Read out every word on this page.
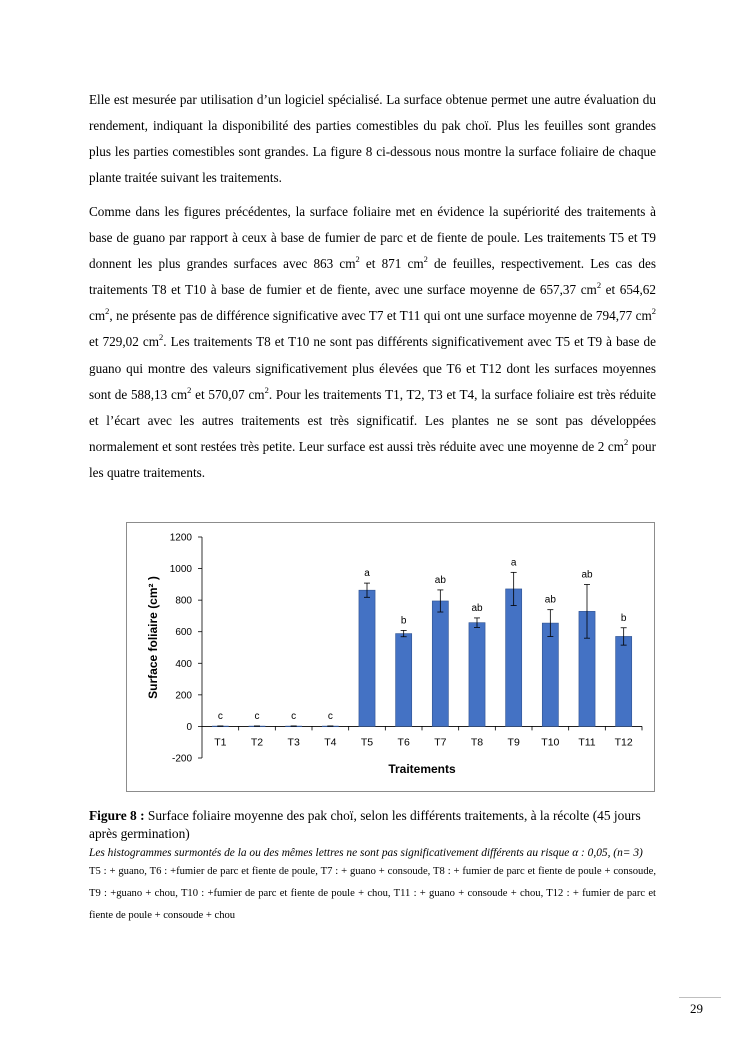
Elle est mesurée par utilisation d’un logiciel spécialisé. La surface obtenue permet une autre évaluation du rendement, indiquant la disponibilité des parties comestibles du pak choï. Plus les feuilles sont grandes plus les parties comestibles sont grandes. La figure 8 ci-dessous nous montre la surface foliaire de chaque plante traitée suivant les traitements.

Comme dans les figures précédentes, la surface foliaire met en évidence la supériorité des traitements à base de guano par rapport à ceux à base de fumier de parc et de fiente de poule. Les traitements T5 et T9 donnent les plus grandes surfaces avec 863 $cm^2$ et 871 $cm^2$ de feuilles, respectivement. Les cas des traitements T8 et T10 à base de fumier et de fiente, avec une surface moyenne de 657,37 $cm^2$ et 654,62 $cm^2$, ne présente pas de différence significative avec T7 et T11 qui ont une surface moyenne de 794,77 $cm^2$ et 729,02 $cm^2$. Les traitements T8 et T10 ne sont pas différents significativement avec T5 et T9 à base de guano qui montre des valeurs significativement plus élevées que T6 et T12 dont les surfaces moyennes sont de 588,13 $cm^2$ et 570,07 $cm^2$. Pour les traitements T1, T2, T3 et T4, la surface foliaire est très réduite et l’écart avec les autres traitements est très significatif. Les plantes ne se sont pas développées normalement et sont restées très petite. Leur surface est aussi très réduite avec une moyenne de 2 $cm^2$ pour les quatre traitements.

-200
0
200
400
600
800
1000
1200
T1
c
T2
c
T3
c
T4
c
T5
a
T6
b
T7
ab
T8
ab
T9
a
T10
ab
T11
ab
T12
b
Traitements
Surface foliaire (cm² )
Figure 8 : Surface foliaire moyenne des pak choï, selon les différents traitements, à la récolte (45 jours après germination)
Les histogrammes surmontés de la ou des mêmes lettres ne sont pas significativement différents au risque α : 0,05, (n= 3)
T5 : + guano, T6 : +fumier de parc et fiente de poule, T7 : + guano + consoude, T8 : + fumier de parc et fiente de poule + consoude, T9 : +guano + chou, T10 : +fumier de parc et fiente de poule + chou, T11 : + guano + consoude + chou, T12 : + fumier de parc et fiente de poule + consoude + chou
29
